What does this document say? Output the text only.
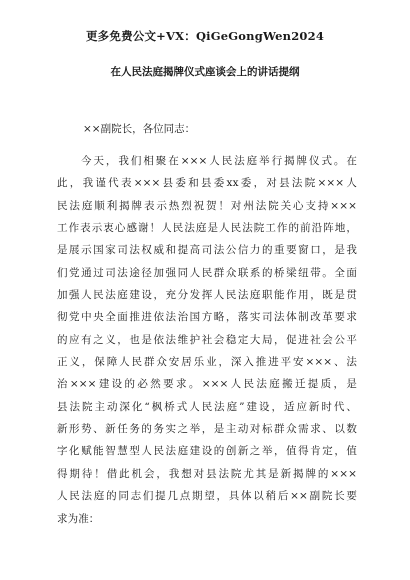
更多免费公文+VX：QiGeGongWen2024
在人民法庭揭牌仪式座谈会上的讲话提纲
××副院长，各位同志：
今天，我们相聚在×××人民法庭举行揭牌仪式。在
此，我谨代表×××县委和县委xx委，对县法院×××人
民法庭顺利揭牌表示热烈祝贺！对州法院关心支持×××
工作表示衷心感谢！人民法庭是人民法院工作的前沿阵地，
是展示国家司法权威和提高司法公信力的重要窗口，是我
们党通过司法途径加强同人民群众联系的桥梁纽带。全面
加强人民法庭建设，充分发挥人民法庭职能作用，既是贯
彻党中央全面推进依法治国方略，落实司法体制改革要求
的应有之义，也是依法维护社会稳定大局，促进社会公平
正义，保障人民群众安居乐业，深入推进平安×××、法
治×××建设的必然要求。×××人民法庭搬迁提质，是
县法院主动深化“枫桥式人民法庭”建设，适应新时代、
新形势、新任务的务实之举，是主动对标群众需求、以数
字化赋能智慧型人民法庭建设的创新之举，值得肯定，值
得期待！借此机会，我想对县法院尤其是新揭牌的×××
人民法庭的同志们提几点期望，具体以稍后××副院长要
求为准：
